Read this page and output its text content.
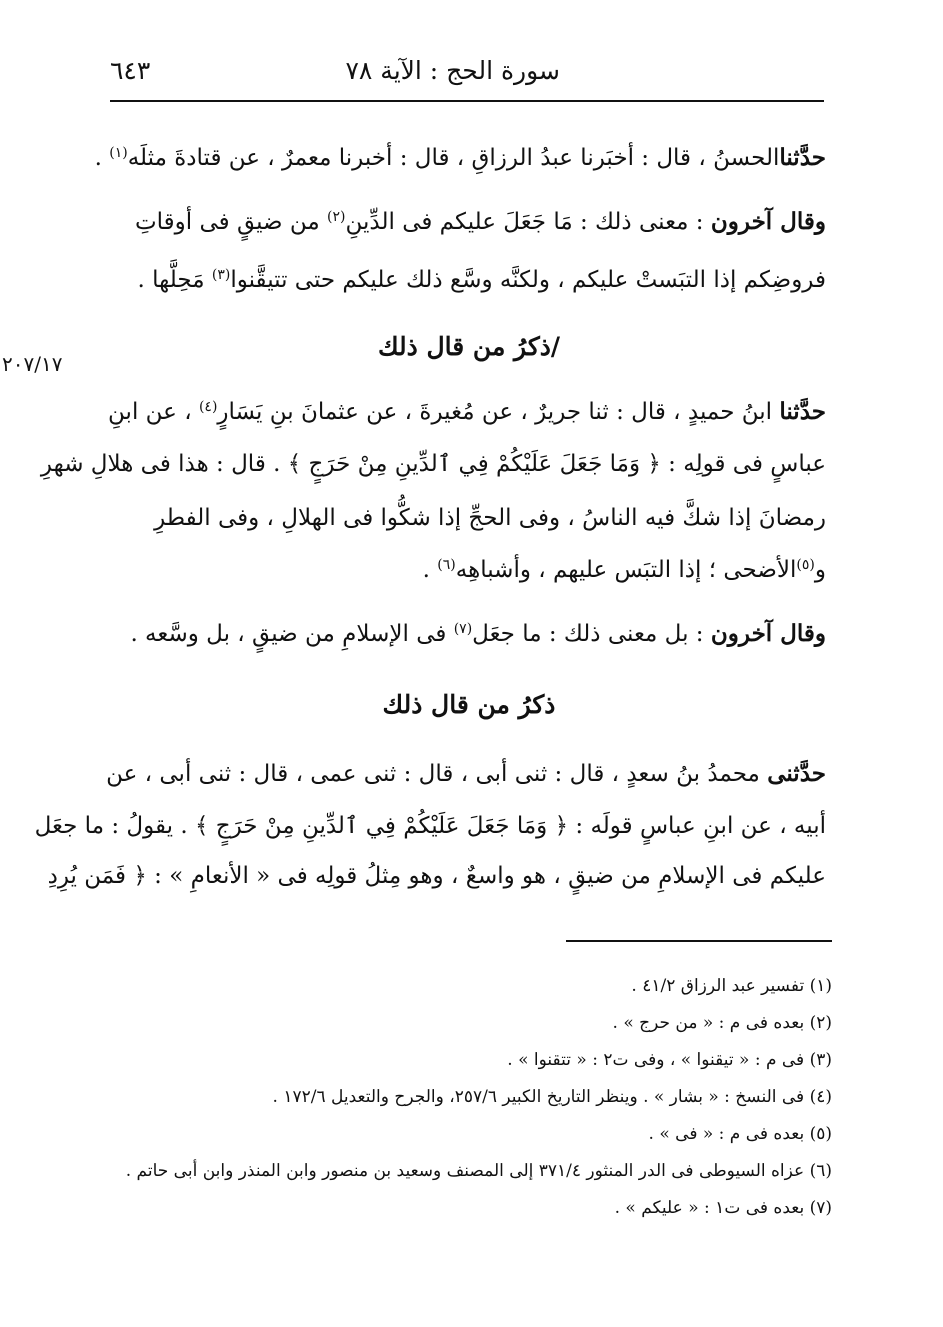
سورة الحج : الآية ٧٨
٦٤٣
٢٠٧/١٧
حدَّثناالحسنُ ، قال : أخبَرنا عبدُ الرزاقِ ، قال : أخبرنا معمرٌ ، عن قتادةَ مثلَه$^{(١)}$ .
وقال آخرون : معنى ذلك : مَا جَعَلَ عليكم فى الدِّينِ$^{(٢)}$ من ضيقٍ فى أوقاتِ
فروضِكم إذا التبَستْ عليكم ، ولكنَّه وسَّع ذلك عليكم حتى تتيقَّنوا$^{(٣)}$ مَحِلَّها .
/ذكرُ من قال ذلك
حدَّثنا ابنُ حميدٍ ، قال : ثنا جريرٌ ، عن مُغيرةَ ، عن عثمانَ بنِ يَسَارٍ$^{(٤)}$ ، عن ابنِ
عباسٍ فى قولِه : ﴿ وَمَا جَعَلَ عَلَيْكُمْ فِي ٱلدِّينِ مِنْ حَرَجٍ ﴾ . قال : هذا فى هلالِ شهرِ
رمضانَ إذا شكَّ فيه الناسُ ، وفى الحجِّ إذا شكُّوا فى الهلالِ ، وفى الفطرِ
و$^{(٥)}$الأضحى ؛ إذا التبَس عليهم ، وأشباهِه$^{(٦)}$ .
وقال آخرون : بل معنى ذلك : ما جعَل$^{(٧)}$ فى الإسلامِ من ضيقٍ ، بل وسَّعه .
ذكرُ من قال ذلك
حدَّثنى محمدُ بنُ سعدٍ ، قال : ثنى أبى ، قال : ثنى عمى ، قال : ثنى أبى ، عن
أبيه ، عن ابنِ عباسٍ قولَه : ﴿ وَمَا جَعَلَ عَلَيْكُمْ فِي ٱلدِّينِ مِنْ حَرَجٍ ﴾ . يقولُ : ما جعَل
عليكم فى الإسلامِ من ضيقٍ ، هو واسعٌ ، وهو مِثلُ قولِه فى « الأنعامِ » : ﴿ فَمَن يُرِدِ
(١) تفسير عبد الرزاق ٤١/٢ .
(٢) بعده فى م : « من حرج » .
(٣) فى م : « تيقنوا » ، وفى ت٢ : « تتقنوا » .
(٤) فى النسخ : « بشار » . وينظر التاريخ الكبير ٢٥٧/٦، والجرح والتعديل ١٧٢/٦ .
(٥) بعده فى م : « فى » .
(٦) عزاه السيوطى فى الدر المنثور ٣٧١/٤ إلى المصنف وسعيد بن منصور وابن المنذر وابن أبى حاتم .
(٧) بعده فى ت١ : « عليكم » .
